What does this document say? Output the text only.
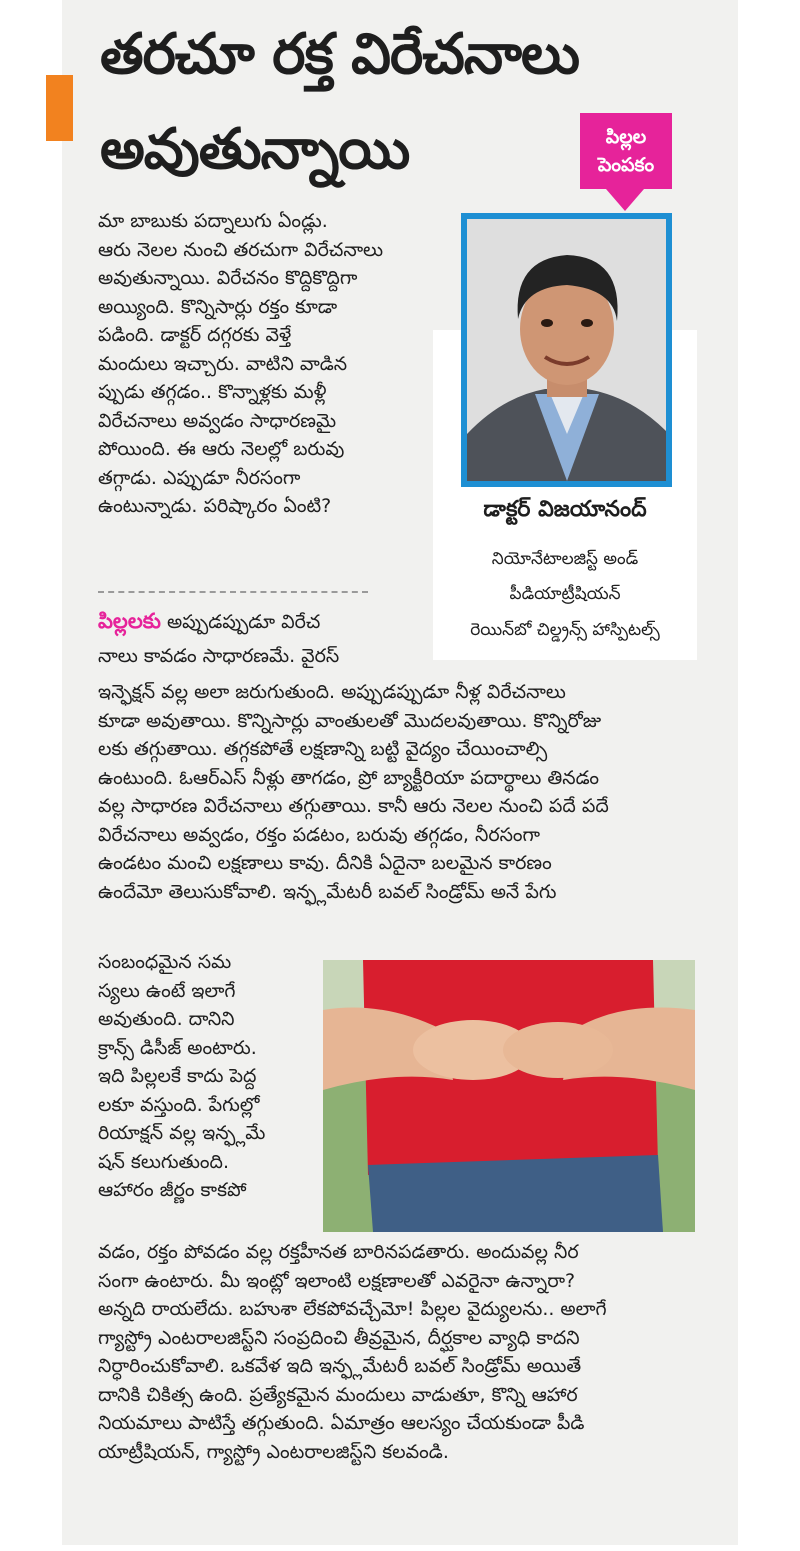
తరచూ రక్త విరేచనాలు
అవుతున్నాయి	పిల్లల
పెంపకం
డాక్టర్ విజయానంద్
నియోనేటాలజిస్ట్ అండ్
పీడియాట్రీషియన్
రెయిన్‌బో చిల్డ్రన్స్ హాస్పిటల్స్
మా బాబుకు పద్నాలుగు ఏండ్లు.
ఆరు నెలల నుంచి తరచుగా విరేచనాలు
అవుతున్నాయి. విరేచనం కొద్దికొద్దిగా
అయ్యింది. కొన్నిసార్లు రక్తం కూడా
పడింది. డాక్టర్ దగ్గరకు వెళ్తే
మందులు ఇచ్చారు. వాటిని వాడిన
ప్పుడు తగ్గడం.. కొన్నాళ్లకు మళ్లీ
విరేచనాలు అవ్వడం సాధారణమై
పోయింది. ఈ ఆరు నెలల్లో బరువు
తగ్గాడు. ఎప్పుడూ నీరసంగా
ఉంటున్నాడు. పరిష్కారం ఏంటి?
పిల్లలకు అప్పుడప్పుడూ విరేచ
నాలు కావడం సాధారణమే. వైరస్
ఇన్ఫెక్షన్ వల్ల అలా జరుగుతుంది. అప్పుడప్పుడూ నీళ్ల విరేచనాలు
కూడా అవుతాయి. కొన్నిసార్లు వాంతులతో మొదలవుతాయి. కొన్నిరోజు
లకు తగ్గుతాయి. తగ్గకపోతే లక్షణాన్ని బట్టి వైద్యం చేయించాల్సి
ఉంటుంది. ఓఆర్ఎస్ నీళ్లు తాగడం, ప్రో బ్యాక్టీరియా పదార్థాలు తినడం
వల్ల సాధారణ విరేచనాలు తగ్గుతాయి. కానీ ఆరు నెలల నుంచి పదే పదే
విరేచనాలు అవ్వడం, రక్తం పడటం, బరువు తగ్గడం, నీరసంగా
ఉండటం మంచి లక్షణాలు కావు. దీనికి ఏదైనా బలమైన కారణం
ఉందేమో తెలుసుకోవాలి. ఇన్ఫ్లమేటరీ బవల్ సిండ్రోమ్ అనే పేగు
సంబంధమైన సమ
స్యలు ఉంటే ఇలాగే
అవుతుంది. దానిని
క్రాన్స్ డిసీజ్ అంటారు.
ఇది పిల్లలకే కాదు పెద్ద
లకూ వస్తుంది. పేగుల్లో
రియాక్షన్ వల్ల ఇన్ఫ్లమే
షన్ కలుగుతుంది.
ఆహారం జీర్ణం కాకపో
వడం, రక్తం పోవడం వల్ల రక్తహీనత బారినపడతారు. అందువల్ల నీర
సంగా ఉంటారు. మీ ఇంట్లో ఇలాంటి లక్షణాలతో ఎవరైనా ఉన్నారా?
అన్నది రాయలేదు. బహుశా లేకపోవచ్చేమో! పిల్లల వైద్యులను.. అలాగే
గ్యాస్ట్రో ఎంటరాలజిస్ట్‌ని సంప్రదించి తీవ్రమైన, దీర్ఘకాల వ్యాధి కాదని
నిర్ధారించుకోవాలి. ఒకవేళ ఇది ఇన్ఫ్లమేటరీ బవల్ సిండ్రోమ్ అయితే
దానికి చికిత్స ఉంది. ప్రత్యేకమైన మందులు వాడుతూ, కొన్ని ఆహార
నియమాలు పాటిస్తే తగ్గుతుంది. ఏమాత్రం ఆలస్యం చేయకుండా పీడి
యాట్రీషియన్, గ్యాస్ట్రో ఎంటరాలజిస్ట్‌ని కలవండి.
